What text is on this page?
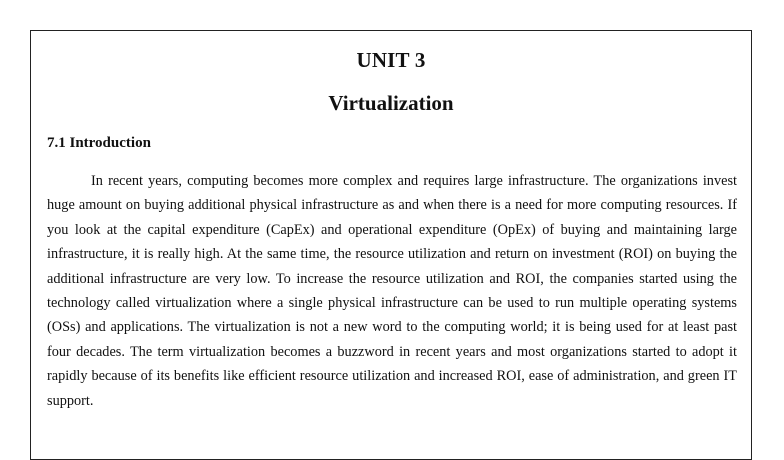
UNIT 3
Virtualization
7.1 Introduction

In recent years, computing becomes more complex and requires large infrastructure. The organizations invest huge amount on buying additional physical infrastructure as and when there is a need for more computing resources. If you look at the capital expenditure (CapEx) and operational expenditure (OpEx) of buying and maintaining large infrastructure, it is really high. At the same time, the resource utilization and return on investment (ROI) on buying the additional infrastructure are very low. To increase the resource utilization and ROI, the companies started using the technology called virtualization where a single physical infrastructure can be used to run multiple operating systems (OSs) and applications. The virtualization is not a new word to the computing world; it is being used for at least past four decades. The term virtualization becomes a buzzword in recent years and most organizations started to adopt it rapidly because of its benefits like efficient resource utilization and increased ROI, ease of administration, and green IT support.
